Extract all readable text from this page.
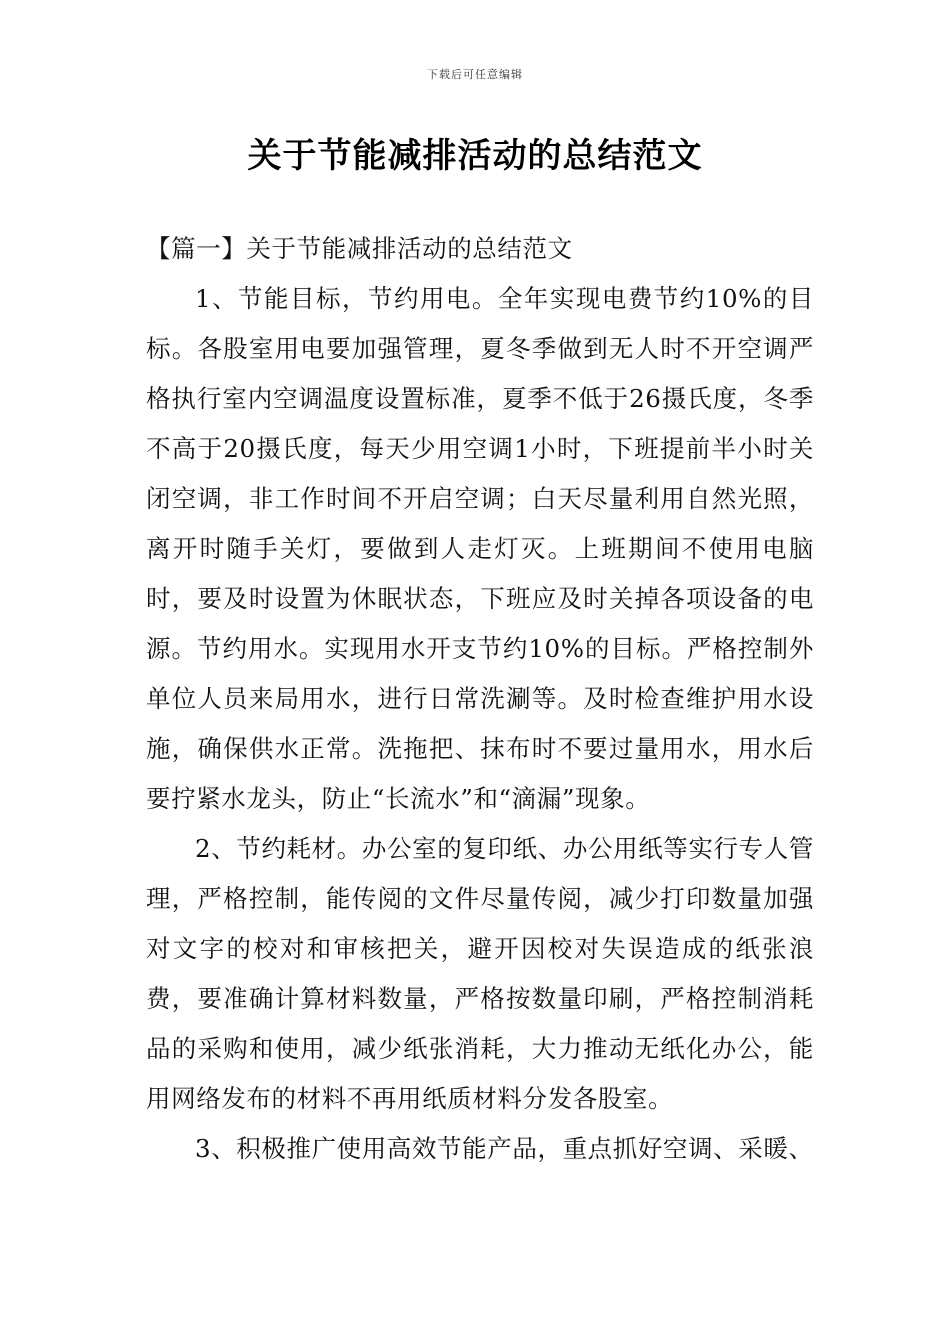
下载后可任意编辑
关于节能减排活动的总结范文

【篇一】关于节能减排活动的总结范文

1、节能目标，节约用电。全年实现电费节约10%的目标。各股室用电要加强管理，夏冬季做到无人时不开空调严格执行室内空调温度设置标准，夏季不低于26摄氏度，冬季不高于20摄氏度，每天少用空调1小时，下班提前半小时关闭空调，非工作时间不开启空调；白天尽量利用自然光照，离开时随手关灯，要做到人走灯灭。上班期间不使用电脑时，要及时设置为休眠状态，下班应及时关掉各项设备的电源。节约用水。实现用水开支节约10%的目标。严格控制外单位人员来局用水，进行日常洗涮等。及时检查维护用水设施，确保供水正常。洗拖把、抹布时不要过量用水，用水后要拧紧水龙头，防止“长流水”和“滴漏”现象。

2、节约耗材。办公室的复印纸、办公用纸等实行专人管理，严格控制，能传阅的文件尽量传阅，减少打印数量加强对文字的校对和审核把关，避开因校对失误造成的纸张浪费，要准确计算材料数量，严格按数量印刷，严格控制消耗品的采购和使用，减少纸张消耗，大力推动无纸化办公，能用网络发布的材料不再用纸质材料分发各股室。

3、积极推广使用高效节能产品，重点抓好空调、采暖、
